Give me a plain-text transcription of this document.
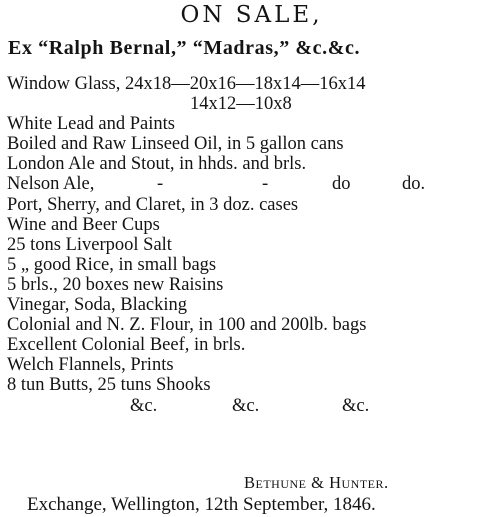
ON SALE,
Ex “Ralph Bernal,” “Madras,” &c.&c.
Window Glass, 24x18—20x16—18x14—16x14
14x12—10x8
White Lead and Paints
Boiled and Raw Linseed Oil, in 5 gallon cans
London Ale and Stout, in hhds. and brls.
Nelson Ale,	-	-	do	do.
Port, Sherry, and Claret, in 3 doz. cases
Wine and Beer Cups
25 tons Liverpool Salt
5 „ good Rice, in small bags
5 brls., 20 boxes new Raisins
Vinegar, Soda, Blacking
Colonial and N. Z. Flour, in 100 and 200lb. bags
Excellent Colonial Beef, in brls.
Welch Flannels, Prints
8 tun Butts, 25 tuns Shooks
&c.	&c.	&c.
Bethune & Hunter.
Exchange, Wellington, 12th September, 1846.
